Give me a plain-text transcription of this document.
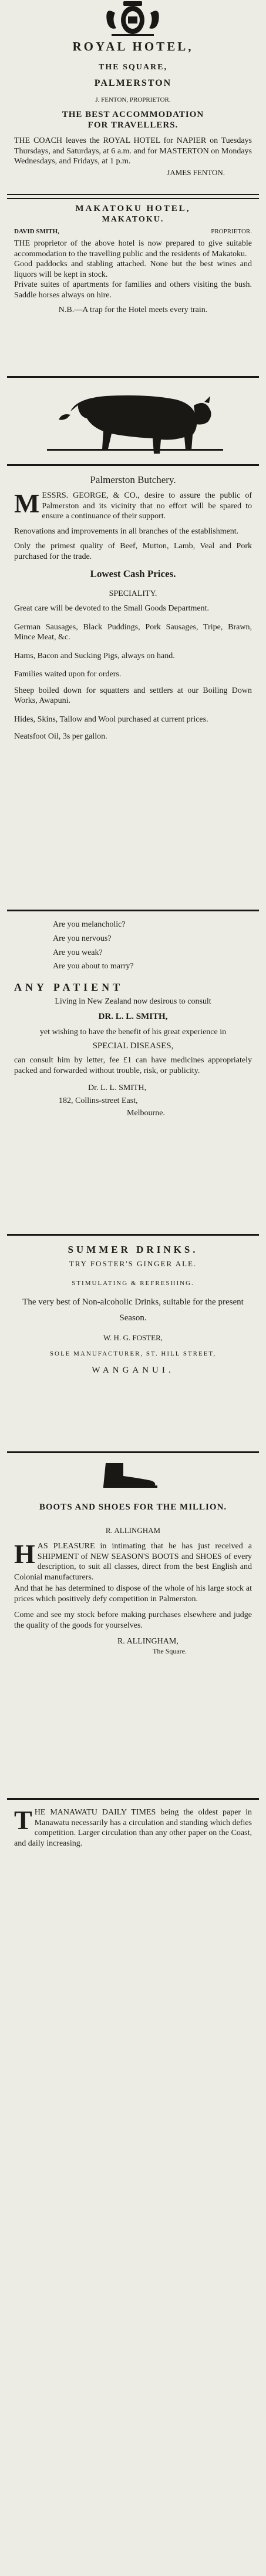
ROYAL HOTEL,

THE SQUARE,

PALMERSTON

J. FENTON, PROPRIETOR.

THE BEST ACCOMMODATION

FOR TRAVELLERS.

THE COACH leaves the ROYAL HOTEL for NAPIER on Tuesdays Thursdays, and Saturdays, at 6 a.m. and for MASTERTON on Mondays Wednesdays, and Fridays, at 1 p.m.

JAMES FENTON.

MAKATOKU HOTEL,

MAKATOKU.

DAVID SMITH,	PROPRIETOR.

THE proprietor of the above hotel is now prepared to give suitable accommodation to the travelling public and the residents of Makatoku.

Good paddocks and stabling attached. None but the best wines and liquors will be kept in stock.

Private suites of apartments for families and others visiting the bush. Saddle horses always on hire.

N.B.—A trap for the Hotel meets every train.

Palmerston Butchery.

MESSRS. GEORGE, & CO., desire to assure the public of Palmerston and its vicinity that no effort will be spared to ensure a continuance of their support.

Renovations and improvements in all branches of the establishment.

Only the primest quality of Beef, Mutton, Lamb, Veal and Pork purchased for the trade.

Lowest Cash Prices.

SPECIALITY.

Great care will be devoted to the Small Goods Department.

German Sausages, Black Puddings, Pork Sausages, Tripe, Brawn, Mince Meat, &c.

Hams, Bacon and Sucking Pigs, always on hand.

Families waited upon for orders.

Sheep boiled down for squatters and settlers at our Boiling Down Works, Awapuni.

Hides, Skins, Tallow and Wool purchased at current prices.

Neatsfoot Oil, 3s per gallon.

Are you melancholic?

Are you nervous?

Are you weak?

Are you about to marry?

ANY PATIENT

Living in New Zealand now desirous to consult

DR. L. L. SMITH,

yet wishing to have the benefit of his great experience in

SPECIAL DISEASES,

can consult him by letter, fee £1 can have medicines appropriately packed and forwarded without trouble, risk, or publicity.

Dr. L. L. SMITH,

182, Collins-street East,

Melbourne.

SUMMER DRINKS.

TRY FOSTER'S GINGER ALE.

STIMULATING & REFRESHING.

The very best of Non-alcoholic Drinks, suitable for the present Season.

W. H. G. FOSTER,

SOLE MANUFACTURER, ST. HILL STREET,

WANGANUI.

BOOTS AND SHOES FOR THE MILLION.

R. ALLINGHAM

HAS PLEASURE in intimating that he has just received a SHIPMENT of NEW SEASON'S BOOTS and SHOES of every description, to suit all classes, direct from the best English and Colonial manufacturers.

And that he has determined to dispose of the whole of his large stock at prices which positively defy competition in Palmerston.

Come and see my stock before making purchases elsewhere and judge the quality of the goods for yourselves.

R. ALLINGHAM,

The Square.

THE MANAWATU DAILY TIMES being the oldest paper in Manawatu necessarily has a circulation and standing which defies competition. Larger circulation than any other paper on the Coast, and daily increasing.
